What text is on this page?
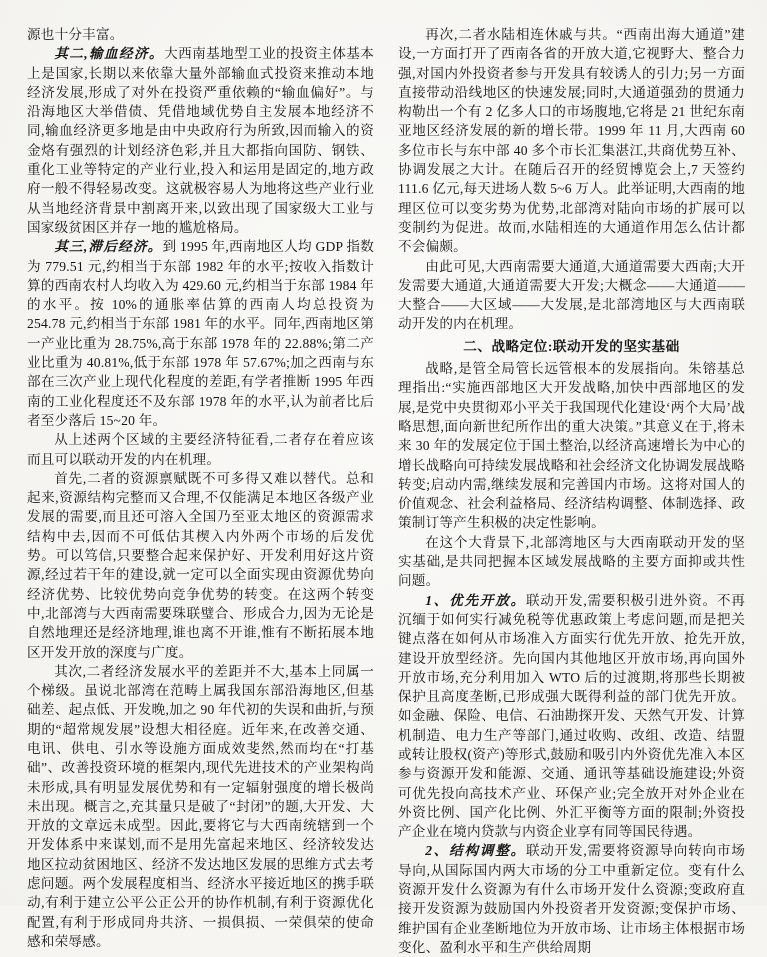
源也十分丰富。

其二,输血经济。大西南基地型工业的投资主体基本上是国家,长期以来依靠大量外部输血式投资来推动本地经济发展,形成了对外在投资严重依赖的“输血偏好”。与沿海地区大举借债、凭借地域优势自主发展本地经济不同,输血经济更多地是由中央政府行为所致,因而输入的资金烙有强烈的计划经济色彩,并且大都指向国防、钢铁、重化工业等特定的产业行业,投入和运用是固定的,地方政府一般不得轻易改变。这就极容易人为地将这些产业行业从当地经济背景中割离开来,以致出现了国家级大工业与国家级贫困区并存一地的尴尬格局。

其三,滞后经济。到 1995 年,西南地区人均 GDP 指数为 779.51 元,约相当于东部 1982 年的水平;按收入指数计算的西南农村人均收入为 429.60 元,约相当于东部 1984 年的水平。按 10%的通胀率估算的西南人均总投资为 254.78 元,约相当于东部 1981 年的水平。同年,西南地区第一产业比重为 28.75%,高于东部 1978 年的 22.88%;第二产业比重为 40.81%,低于东部 1978 年 57.67%;加之西南与东部在三次产业上现代化程度的差距,有学者推断 1995 年西南的工业化程度还不及东部 1978 年的水平,认为前者比后者至少落后 15~20 年。

从上述两个区域的主要经济特征看,二者存在着应该而且可以联动开发的内在机理。

首先,二者的资源禀赋既不可多得又难以替代。总和起来,资源结构完整而又合理,不仅能满足本地区各级产业发展的需要,而且还可溶入全国乃至亚太地区的资源需求结构中去,因而不可低估其楔入内外两个市场的后发优势。可以笃信,只要整合起来保护好、开发利用好这片资源,经过若干年的建设,就一定可以全面实现由资源优势向经济优势、比较优势向竞争优势的转变。在这两个转变中,北部湾与大西南需要珠联璧合、形成合力,因为无论是自然地理还是经济地理,谁也离不开谁,惟有不断拓展本地区开发开放的深度与广度。

其次,二者经济发展水平的差距并不大,基本上同属一个梯级。虽说北部湾在范畴上属我国东部沿海地区,但基础差、起点低、开发晚,加之 90 年代初的失误和曲折,与预期的“超常规发展”设想大相径庭。近年来,在改善交通、电讯、供电、引水等设施方面成效斐然,然而均在“打基础”、改善投资环境的框架内,现代先进技术的产业架构尚未形成,具有明显发展优势和有一定辐射强度的增长极尚未出现。概言之,充其量只是破了“封闭”的题,大开发、大开放的文章远未成型。因此,要将它与大西南统辖到一个开发体系中来谋划,而不是用先富起来地区、经济较发达地区拉动贫困地区、经济不发达地区发展的思维方式去考虑问题。两个发展程度相当、经济水平接近地区的携手联动,有利于建立公平公正公开的协作机制,有利于资源优化配置,有利于形成同舟共济、一损俱损、一荣俱荣的使命感和荣辱感。

再次,二者水陆相连休戚与共。“西南出海大通道”建设,一方面打开了西南各省的开放大道,它视野大、整合力强,对国内外投资者参与开发具有较诱人的引力;另一方面直接带动沿线地区的快速发展;同时,大通道强劲的贯通力构勒出一个有 2 亿多人口的市场腹地,它将是 21 世纪东南亚地区经济发展的新的增长带。1999 年 11 月,大西南 60 多位市长与东中部 40 多个市长汇集湛江,共商优势互补、协调发展之大计。在随后召开的经贸博览会上,7 天签约 111.6 亿元,每天进场人数 5~6 万人。此举证明,大西南的地理区位可以变劣势为优势,北部湾对陆向市场的扩展可以变制约为促进。故而,水陆相连的大通道作用怎么估计都不会偏颇。

由此可见,大西南需要大通道,大通道需要大西南;大开发需要大通道,大通道需要大开发;大概念——大通道——大整合——大区域——大发展,是北部湾地区与大西南联动开发的内在机理。

二、战略定位:联动开发的坚实基础

战略,是管全局管长远管根本的发展指向。朱镕基总理指出:“实施西部地区大开发战略,加快中西部地区的发展,是党中央贯彻邓小平关于我国现代化建设‘两个大局’战略思想,面向新世纪所作出的重大决策。”其意义在于,将未来 30 年的发展定位于国土整治,以经济高速增长为中心的增长战略向可持续发展战略和社会经济文化协调发展战略转变;启动内需,继续发展和完善国内市场。这将对国人的价值观念、社会利益格局、经济结构调整、体制选择、政策制订等产生积极的决定性影响。

在这个大背景下,北部湾地区与大西南联动开发的坚实基础,是共同把握本区域发展战略的主要方面抑或共性问题。

1、优先开放。联动开发,需要积极引进外资。不再沉缅于如何实行减免税等优惠政策上考虑问题,而是把关键点落在如何从市场准入方面实行优先开放、抢先开放,建设开放型经济。先向国内其他地区开放市场,再向国外开放市场,充分利用加入 WTO 后的过渡期,将那些长期被保护且高度垄断,已形成强大既得利益的部门优先开放。如金融、保险、电信、石油勘探开发、天然气开发、计算机制造、电力生产等部门,通过收购、改组、改造、结盟或转让股权(资产)等形式,鼓励和吸引内外资优先准入本区参与资源开发和能源、交通、通讯等基础设施建设;外资可优先投向高技术产业、环保产业;完全放开对外企业在外资比例、国产化比例、外汇平衡等方面的限制;外资投产企业在境内贷款与内资企业享有同等国民待遇。

2、结构调整。联动开发,需要将资源导向转向市场导向,从国际国内两大市场的分工中重新定位。变有什么资源开发什么资源为有什么市场开发什么资源;变政府直接开发资源为鼓励国内外投资者开发资源;变保护市场、维护国有企业垄断地位为开放市场、让市场主体根据市场变化、盈利水平和生产供给周期
